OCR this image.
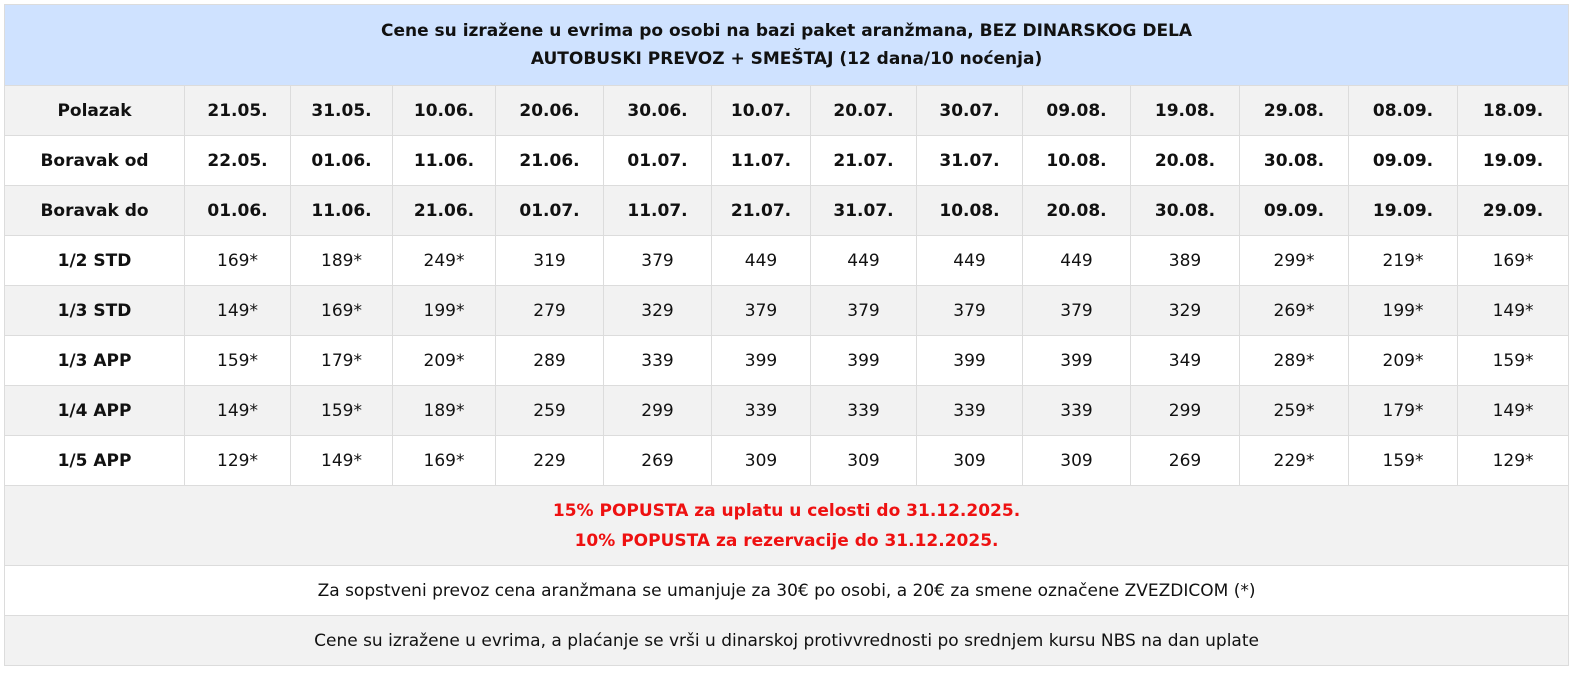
Cene su izražene u evrima po osobi na bazi paket aranžmana, BEZ DINARSKOG DELA
AUTOBUSKI PREVOZ + SMEŠTAJ (12 dana/10 noćenja)													

Polazak	21.05.	31.05.	10.06.	20.06.	30.06.	10.07.	20.07.	30.07.	09.08.	19.08.	29.08.	08.09.	18.09.
Boravak od	22.05.	01.06.	11.06.	21.06.	01.07.	11.07.	21.07.	31.07.	10.08.	20.08.	30.08.	09.09.	19.09.
Boravak do	01.06.	11.06.	21.06.	01.07.	11.07.	21.07.	31.07.	10.08.	20.08.	30.08.	09.09.	19.09.	29.09.
1/2 STD	169*	189*	249*	319	379	449	449	449	449	389	299*	219*	169*
1/3 STD	149*	169*	199*	279	329	379	379	379	379	329	269*	199*	149*
1/3 APP	159*	179*	209*	289	339	399	399	399	399	349	289*	209*	159*
1/4 APP	149*	159*	189*	259	299	339	339	339	339	299	259*	179*	149*
1/5 APP	129*	149*	169*	229	269	309	309	309	309	269	229*	159*	129*

15% POPUSTA za uplatu u celosti do 31.12.2025.
10% POPUSTA za rezervacije do 31.12.2025.													

Za sopstveni prevoz cena aranžmana se umanjuje za 30€ po osobi, a 20€ za smene označene ZVEZDICOM (*)													
Cene su izražene u evrima, a plaćanje se vrši u dinarskoj protivvrednosti po srednjem kursu NBS na dan uplate													
